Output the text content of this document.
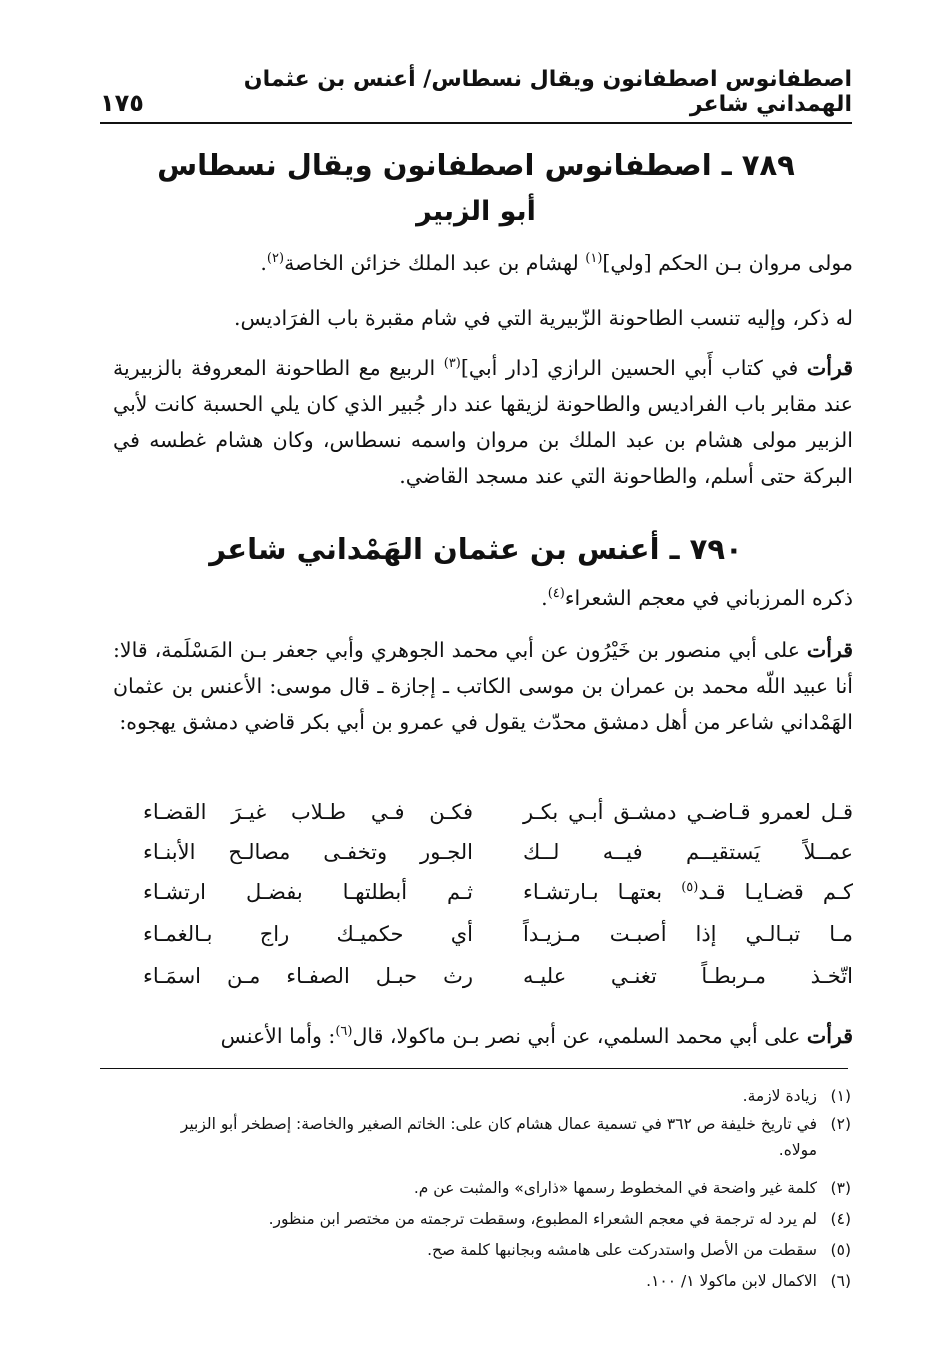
اصطفانوس اصطفانون ويقال نسطاس/ أعنس بن عثمان الهمداني شاعر
١٧٥
٧٨٩ ـ اصطفانوس اصطفانون ويقال نسطاس
أبو الزبير

مولى مروان بـن الحكم [ولي]$^{(١)}$ لهشام بن عبد الملك خزائن الخاصة$^{(٢)}$.

له ذكر، وإليه تنسب الطاحونة الزّبيرية التي في شام مقبرة باب الفرَاديس.

قرأت في كتاب أَبي الحسين الرازي [دار أبي]$^{(٣)}$ الربيع مع الطاحونة المعروفة بالزبيرية عند مقابر باب الفراديس والطاحونة لزيقها عند دار جُبير الذي كان يلي الحسبة كانت لأبي الزبير مولى هشام بن عبد الملك بن مروان واسمه نسطاس، وكان هشام غطسه في البركة حتى أسلم، والطاحونة التي عند مسجد القاضي.

٧٩٠ ـ أعنس بن عثمان الهَمْداني شاعر

ذكره المرزباني في معجم الشعراء$^{(٤)}$.

قرأت على أبي منصور بن خَيْرُون عن أبي محمد الجوهري وأبي جعفر بـن المَسْلَمة، قالا: أنا عبيد اللّه محمد بن عمران بن موسى الكاتب ـ إجازة ـ قال موسى: الأعنس بن عثمان الهَمْداني شاعر من أهل دمشق محدّث يقول في عمرو بن أبي بكر قاضي دمشق يهجوه:

قـل لعمرو قـاضـي دمشـق أبـي بكـر
فكـن فـي طـلاب غيـرَ القضـاء
عمــلاً يَستقيــم فيــه لــك
الجـور وتخفـى مصالـح الأبنـاء
كـم قضـايـا قـد$^{(٥)}$ بعتهـا بـارتشـاء
ثـم أبطلتهـا بفضـل ارتشـاء
مـا تبـالـي إذا أصبـت مـزيـداً
أي حكميـك راج بـالغمـاء
اتّخـذ مـربطـاً تغنـي عليـه
رث حبـل الصفـاء مـن اسمَـاء

قرأت على أبي محمد السلمي، عن أبي نصر بـن ماكولا، قال$^{(٦)}$: وأما الأعنس

(١)زيادة لازمة.
(٢)في تاريخ خليفة ص ٣٦٢ في تسمية عمال هشام كان على: الخاتم الصغير والخاصة: إصطخر أبو الزبير
مولاه.
(٣)كلمة غير واضحة في المخطوط رسمها «ذاراى» والمثبت عن م.
(٤)لم يرد له ترجمة في معجم الشعراء المطبوع، وسقطت ترجمته من مختصر ابن منظور.
(٥)سقطت من الأصل واستدركت على هامشه وبجانبها كلمة صح.
(٦)الاكمال لابن ماكولا ١/ ١٠٠.
